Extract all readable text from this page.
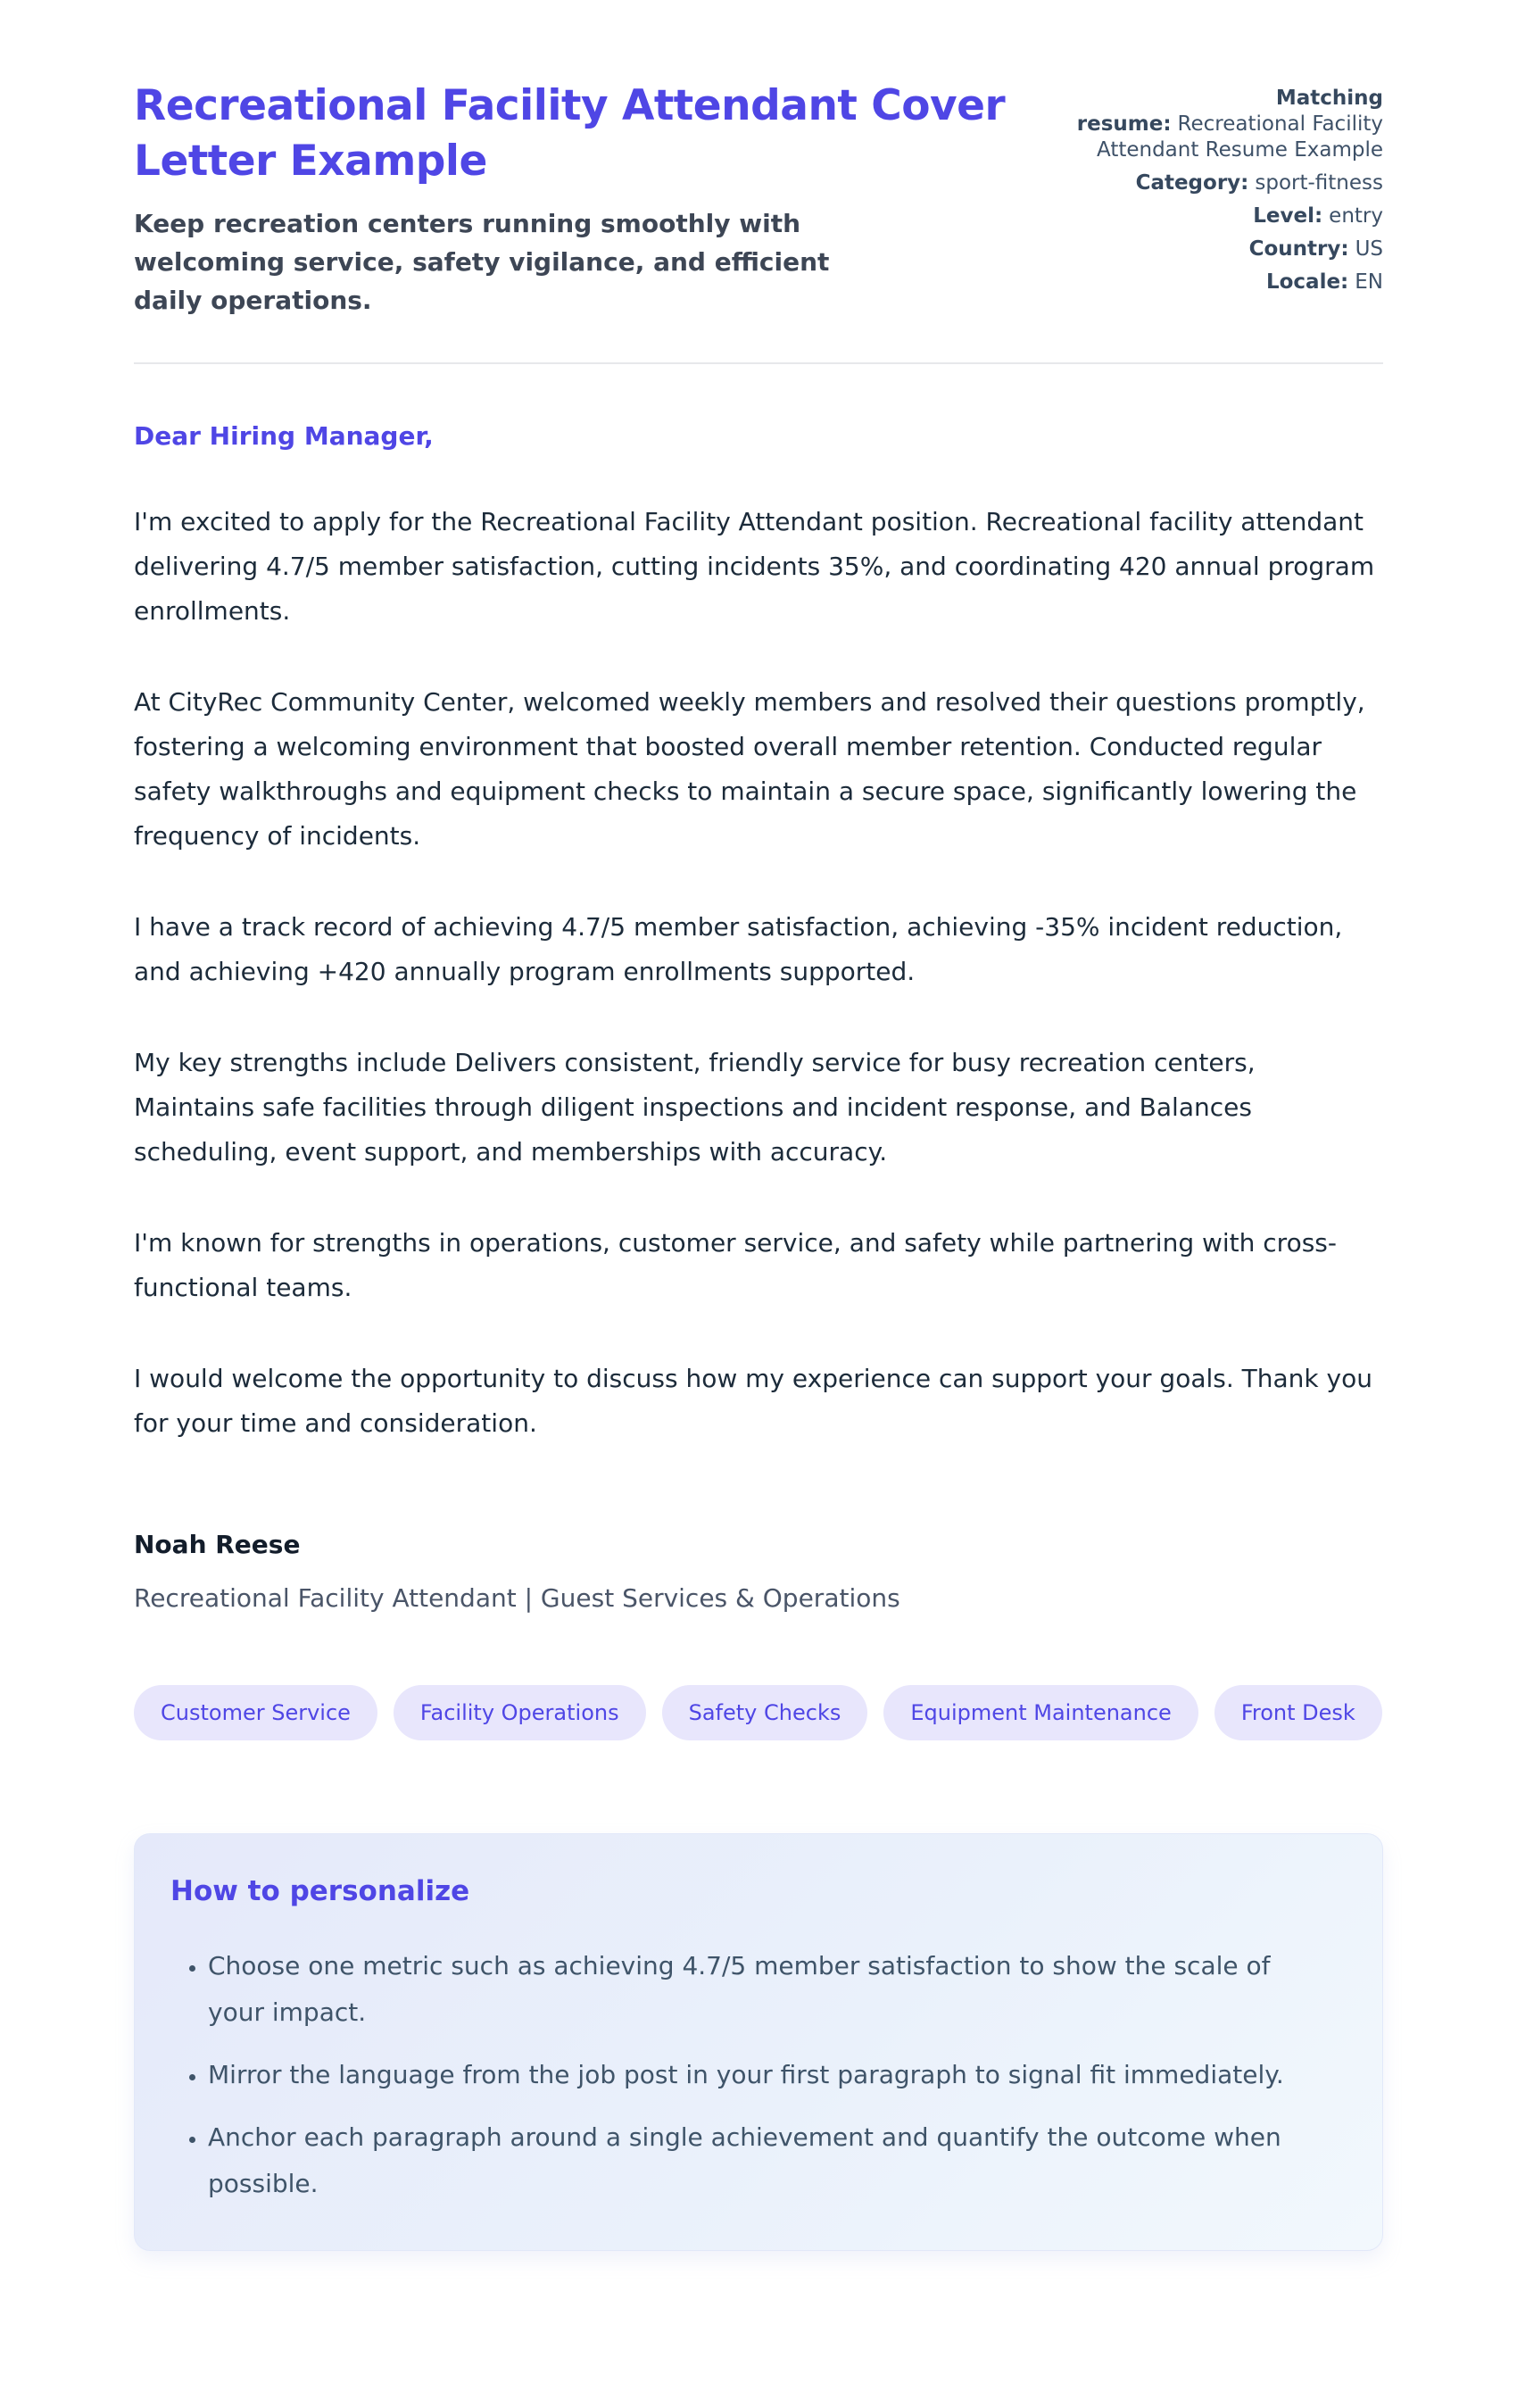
Recreational Facility Attendant Cover Letter Example
Keep recreation centers running smoothly with welcoming service, safety vigilance, and efficient daily operations.
Matching resume: Recreational Facility Attendant Resume Example
Category: sport-fitness
Level: entry
Country: US
Locale: EN
Dear Hiring Manager,

I'm excited to apply for the Recreational Facility Attendant position. Recreational facility attendant delivering 4.7/5 member satisfaction, cutting incidents 35%, and coordinating 420 annual program enrollments.

At CityRec Community Center, welcomed weekly members and resolved their questions promptly, fostering a welcoming environment that boosted overall member retention. Conducted regular safety walkthroughs and equipment checks to maintain a secure space, significantly lowering the frequency of incidents.

I have a track record of achieving 4.7/5 member satisfaction, achieving -35% incident reduction, and achieving +420 annually program enrollments supported.

My key strengths include Delivers consistent, friendly service for busy recreation centers, Maintains safe facilities through diligent inspections and incident response, and Balances scheduling, event support, and memberships with accuracy.

I'm known for strengths in operations, customer service, and safety while partnering with cross-functional teams.

I would welcome the opportunity to discuss how my experience can support your goals. Thank you for your time and consideration.

Noah Reese
Recreational Facility Attendant | Guest Services & Operations
Customer Service	Facility Operations	Safety Checks	Equipment Maintenance	Front Desk
How to personalize
• Choose one metric such as achieving 4.7/5 member satisfaction to show the scale of your impact.
• Mirror the language from the job post in your first paragraph to signal fit immediately.
• Anchor each paragraph around a single achievement and quantify the outcome when possible.
